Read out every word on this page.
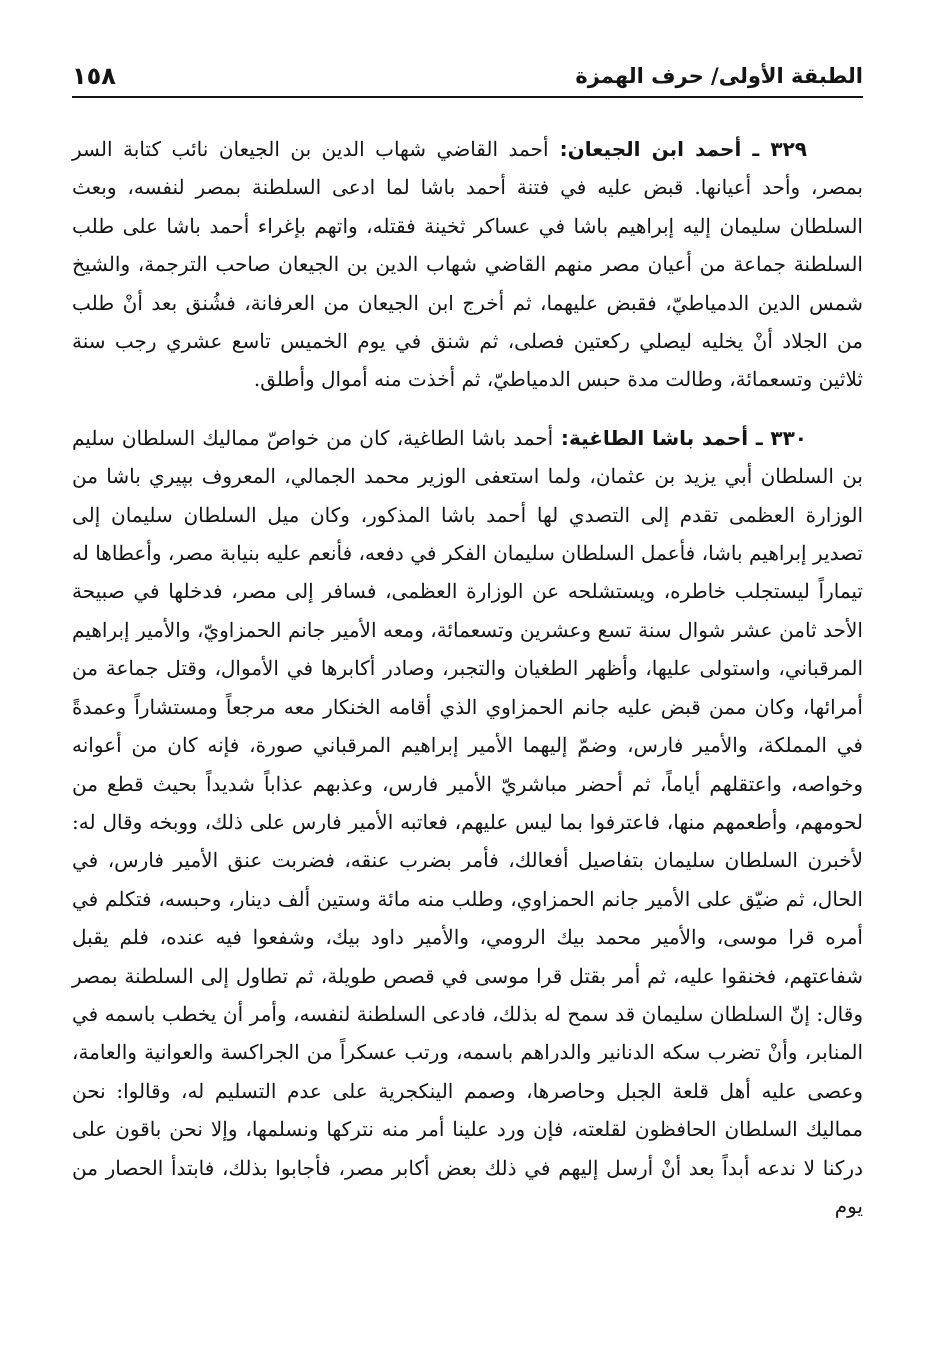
الطبقة الأولى/ حرف الهمزة
١٥٨

٣٢٩ ـ أحمد ابن الجيعان: أحمد القاضي شهاب الدين بن الجيعان نائب كتابة السر بمصر، وأحد أعيانها. قبض عليه في فتنة أحمد باشا لما ادعى السلطنة بمصر لنفسه، وبعث السلطان سليمان إليه إبراهيم باشا في عساكر ثخينة فقتله، واتهم بإغراء أحمد باشا على طلب السلطنة جماعة من أعيان مصر منهم القاضي شهاب الدين بن الجيعان صاحب الترجمة، والشيخ شمس الدين الدمياطيّ، فقبض عليهما، ثم أخرج ابن الجيعان من العرفانة، فشُنق بعد أنْ طلب من الجلاد أنْ يخليه ليصلي ركعتين فصلى، ثم شنق في يوم الخميس تاسع عشري رجب سنة ثلاثين وتسعمائة، وطالت مدة حبس الدمياطيّ، ثم أخذت منه أموال وأطلق.

٣٣٠ ـ أحمد باشا الطاغية: أحمد باشا الطاغية، كان من خواصّ مماليك السلطان سليم بن السلطان أبي يزيد بن عثمان، ولما استعفى الوزير محمد الجمالي، المعروف بپيري باشا من الوزارة العظمى تقدم إلى التصدي لها أحمد باشا المذكور، وكان ميل السلطان سليمان إلى تصدير إبراهيم باشا، فأعمل السلطان سليمان الفكر في دفعه، فأنعم عليه بنيابة مصر، وأعطاها له تيماراً ليستجلب خاطره، ويستشلحه عن الوزارة العظمى، فسافر إلى مصر، فدخلها في صبيحة الأحد ثامن عشر شوال سنة تسع وعشرين وتسعمائة، ومعه الأمير جانم الحمزاويّ، والأمير إبراهيم المرقباني، واستولى عليها، وأظهر الطغيان والتجبر، وصادر أكابرها في الأموال، وقتل جماعة من أمرائها، وكان ممن قبض عليه جانم الحمزاوي الذي أقامه الخنكار معه مرجعاً ومستشاراً وعمدةً في المملكة، والأمير فارس، وضمّ إليهما الأمير إبراهيم المرقباني صورة، فإنه كان من أعوانه وخواصه، واعتقلهم أياماً، ثم أحضر مباشريّ الأمير فارس، وعذبهم عذاباً شديداً بحيث قطع من لحومهم، وأطعمهم منها، فاعترفوا بما ليس عليهم، فعاتبه الأمير فارس على ذلك، ووبخه وقال له: لأخبرن السلطان سليمان بتفاصيل أفعالك، فأمر بضرب عنقه، فضربت عنق الأمير فارس، في الحال، ثم ضيّق على الأمير جانم الحمزاوي، وطلب منه مائة وستين ألف دينار، وحبسه، فتكلم في أمره قرا موسى، والأمير محمد بيك الرومي، والأمير داود بيك، وشفعوا فيه عنده، فلم يقبل شفاعتهم، فخنقوا عليه، ثم أمر بقتل قرا موسى في قصص طويلة، ثم تطاول إلى السلطنة بمصر وقال: إنّ السلطان سليمان قد سمح له بذلك، فادعى السلطنة لنفسه، وأمر أن يخطب باسمه في المنابر، وأنْ تضرب سكه الدنانير والدراهم باسمه، ورتب عسكراً من الجراكسة والعوانية والعامة، وعصى عليه أهل قلعة الجبل وحاصرها، وصمم الينكجرية على عدم التسليم له، وقالوا: نحن مماليك السلطان الحافظون لقلعته، فإن ورد علينا أمر منه نتركها ونسلمها، وإلا نحن باقون على دركنا لا ندعه أبداً بعد أنْ أرسل إليهم في ذلك بعض أكابر مصر، فأجابوا بذلك، فابتدأ الحصار من يوم
